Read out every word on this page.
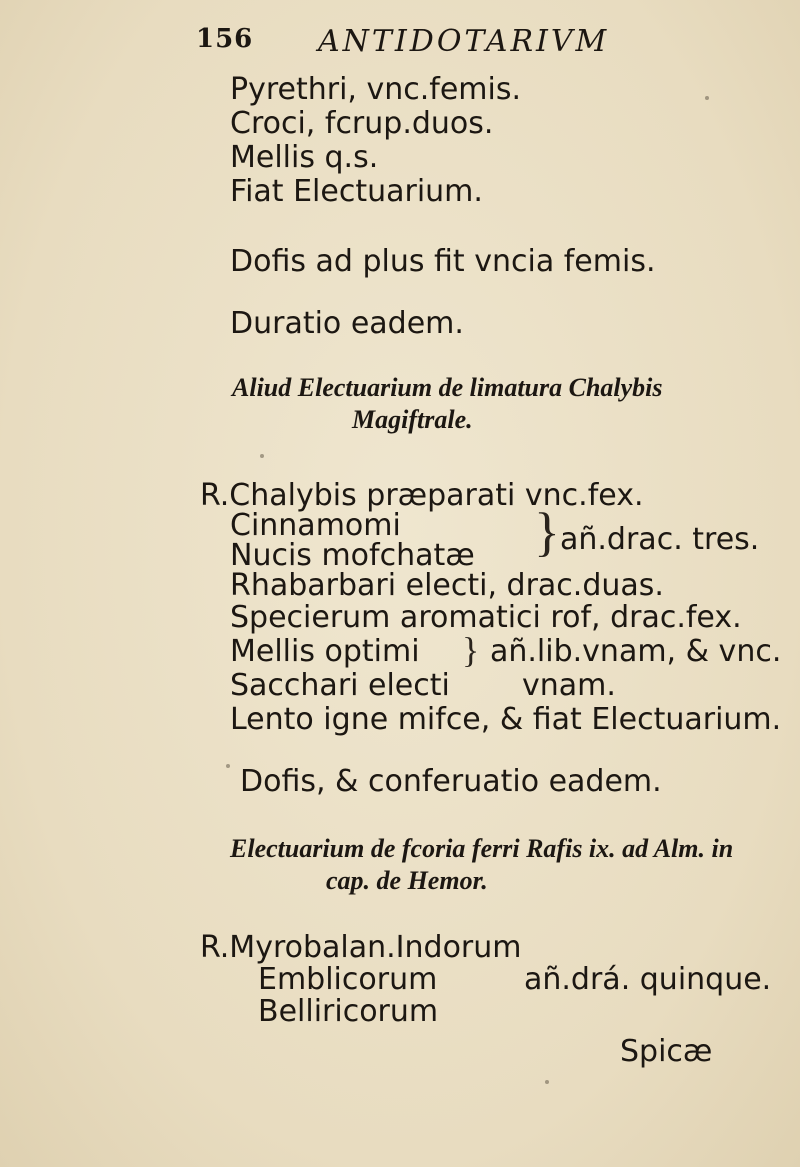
156 ANTIDOTARIVM
Pyrethri, vnc.femis.
Croci, fcrup.duos.
Mellis q.s.
Fiat Electuarium.
Dofis ad plus fit vncia femis.
Duratio eadem.
Aliud Electuarium de limatura Chalybis
Magiftrale.
R.Chalybis præparati vnc.fex.
Cinnamomi
Nucis mofchatæ } añ.drac. tres.
Rhabarbari electi, drac.duas.
Specierum aromatici rof, drac.fex.
Mellis optimi } añ.lib.vnam, & vnc.
Sacchari electi vnam.
Lento igne mifce, & fiat Electuarium.
Dofis, & conferuatio eadem.
Electuarium de fcoria ferri Rafis ix. ad Alm. in
cap. de Hemor.
R.Myrobalan.Indorum
Emblicorum	añ.drá. quinque.
Belliricorum
Spicæ
